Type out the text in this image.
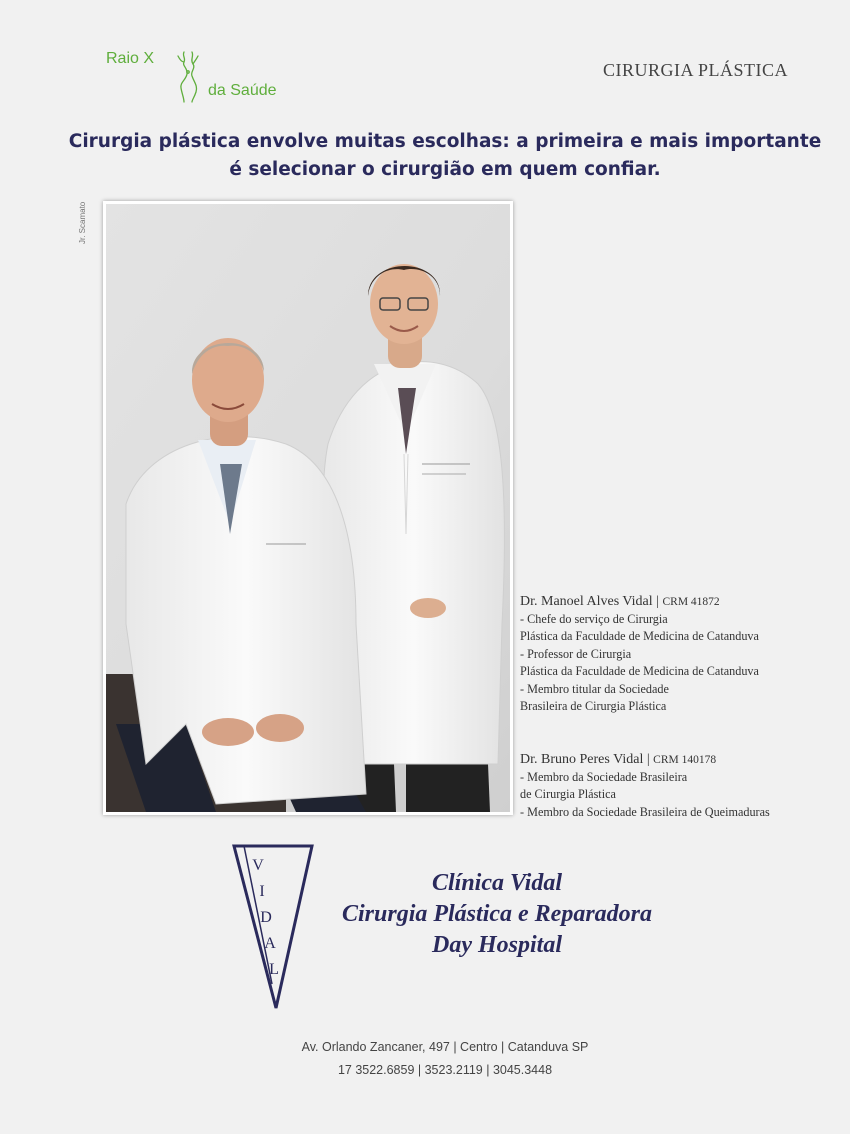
Raio X
da Saúde
CIRURGIA PLÁSTICA
Cirurgia plástica envolve muitas escolhas: a primeira e mais importante
é selecionar o cirurgião em quem confiar.
Jr. Scamato
Dr. Manoel Alves Vidal | CRM 41872
- Chefe do serviço de Cirurgia
Plástica da Faculdade de Medicina de Catanduva
- Professor de Cirurgia
Plástica da Faculdade de Medicina de Catanduva
- Membro titular da Sociedade
Brasileira de Cirurgia Plástica
Dr. Bruno Peres Vidal | CRM 140178
- Membro da Sociedade Brasileira
de Cirurgia Plástica
- Membro da Sociedade Brasileira de Queimaduras
V
I
D
A
L
Clínica Vidal
Cirurgia Plástica e Reparadora
Day Hospital
Av. Orlando Zancaner, 497 | Centro | Catanduva SP
17 3522.6859 | 3523.2119 | 3045.3448
